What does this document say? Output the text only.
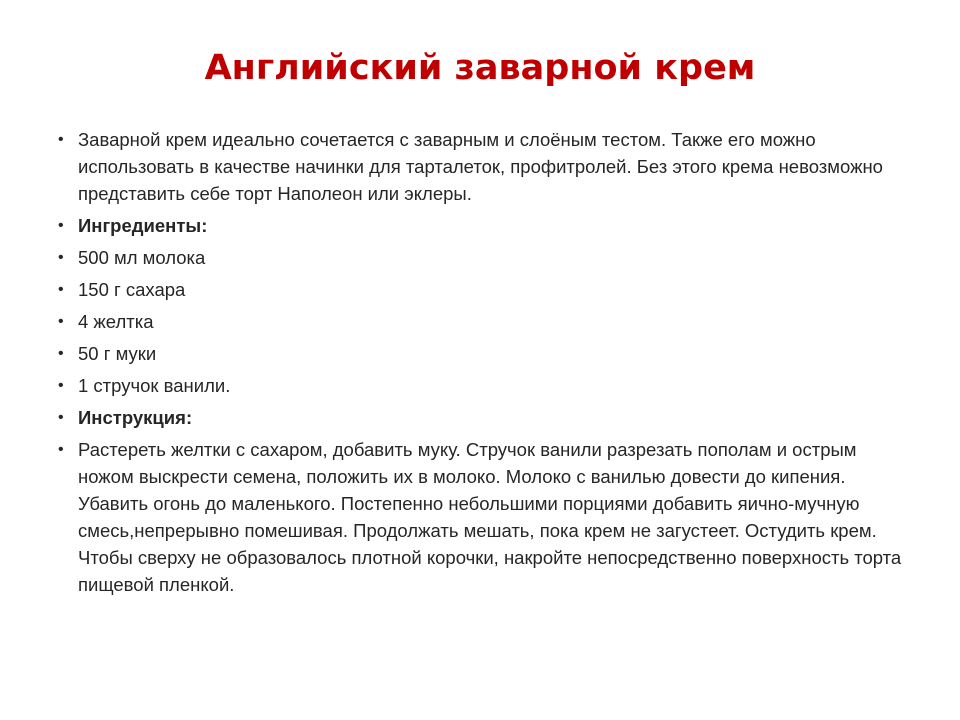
Английский заварной крем
• Заварной крем идеально сочетается с заварным и слоёным тестом. Также его можно использовать в качестве начинки для тарталеток, профитролей. Без этого крема невозможно представить себе торт Наполеон или эклеры.
• Ингредиенты:
• 500 мл молока
• 150 г сахара
• 4 желтка
• 50 г муки
• 1 стручок ванили.
• Инструкция:
• Растереть желтки с сахаром, добавить муку. Стручок ванили разрезать пополам и острым ножом выскрести семена, положить их в молоко. Молоко с ванилью довести до кипения. Убавить огонь до маленького. Постепенно небольшими порциями добавить яично-мучную смесь,непрерывно помешивая. Продолжать мешать, пока крем не загустеет. Остудить крем. Чтобы сверху не образовалось плотной корочки, накройте непосредственно поверхность торта пищевой пленкой.
